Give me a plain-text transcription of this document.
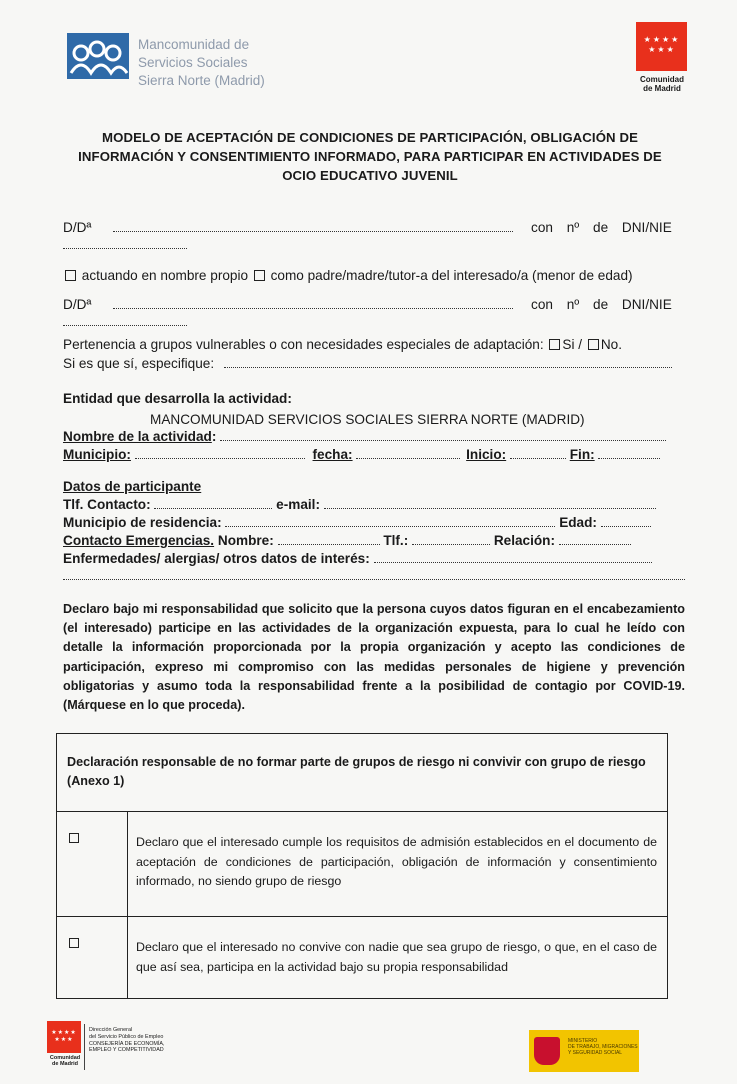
Mancomunidad de
Servicios Sociales
Sierra Norte (Madrid)
★★★★
★★★
Comunidad
de Madrid
MODELO DE ACEPTACIÓN DE CONDICIONES DE PARTICIPACIÓN, OBLIGACIÓN DE
INFORMACIÓN Y CONSENTIMIENTO INFORMADO, PARA PARTICIPAR EN ACTIVIDADES DE
OCIO EDUCATIVO JUVENIL
D/Dª	con nº de DNI/NIE
actuando en nombre propio como padre/madre/tutor-a del interesado/a (menor de edad)
D/Dª	con nº de DNI/NIE
Pertenencia a grupos vulnerables o con necesidades especiales de adaptación: Si / No.
Si es que sí, especifique:
Entidad que desarrolla la actividad:
MANCOMUNIDAD SERVICIOS SOCIALES SIERRA NORTE (MADRID)
Nombre de la actividad:
Municipio:	fecha:	Inicio:	Fin:
Datos de participante
Tlf. Contacto:	e-mail:
Municipio de residencia:	Edad:
Contacto Emergencias. Nombre:	Tlf.:	Relación:
Enfermedades/ alergias/ otros datos de interés:
Declaro bajo mi responsabilidad que solicito que la persona cuyos datos figuran en el encabezamiento (el interesado) participe en las actividades de la organización expuesta, para lo cual he leído con detalle la información proporcionada por la propia organización y acepto las condiciones de participación, expreso mi compromiso con las medidas personales de higiene y prevención obligatorias y asumo toda la responsabilidad frente a la posibilidad de contagio por COVID-19. (Márquese en lo que proceda).
Declaración responsable de no formar parte de grupos de riesgo ni convivir con grupo de riesgo (Anexo 1)
Declaro que el interesado cumple los requisitos de admisión establecidos en el documento de aceptación de condiciones de participación, obligación de información y consentimiento informado, no siendo grupo de riesgo
Declaro que el interesado no convive con nadie que sea grupo de riesgo, o que, en el caso de que así sea, participa en la actividad bajo su propia responsabilidad
★★★★
★★★
Comunidad
de Madrid
Dirección General
del Servicio Público de Empleo
CONSEJERÍA DE ECONOMÍA,
EMPLEO Y COMPETITIVIDAD
MINISTERIO
DE TRABAJO, MIGRACIONES
Y SEGURIDAD SOCIAL
